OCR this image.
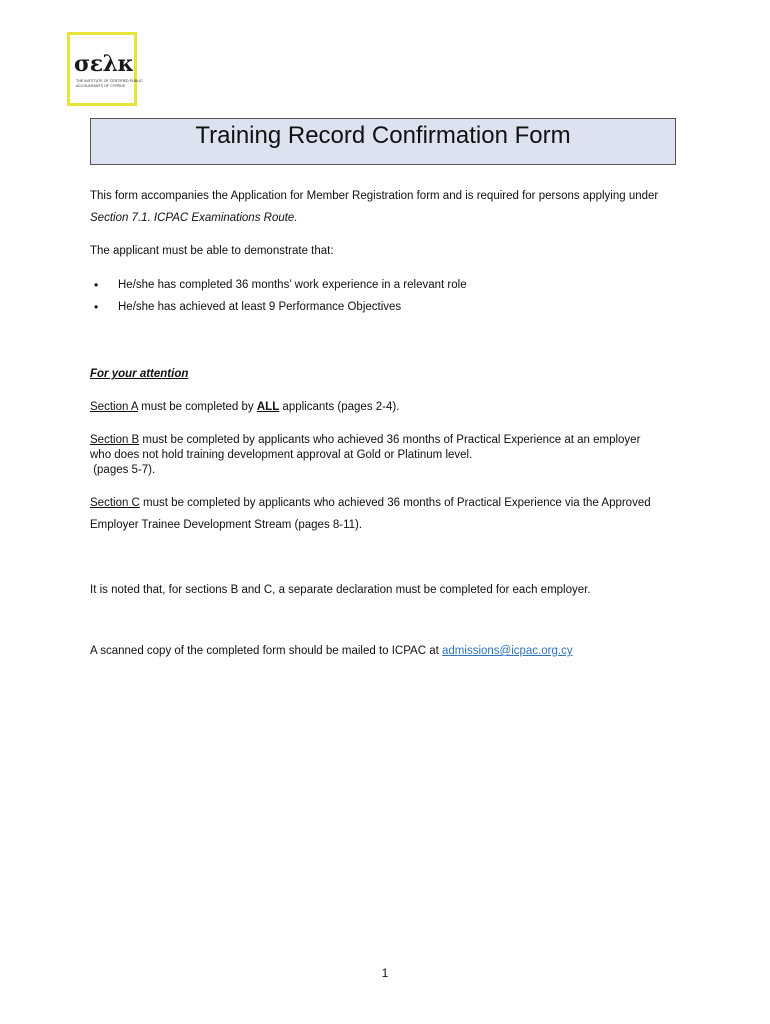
σελκ
THE INSTITUTE OF CERTIFIED PUBLIC
ACCOUNTANTS OF CYPRUS
Training Record Confirmation Form
This form accompanies the Application for Member Registration form and is required for persons applying under
Section 7.1. ICPAC Examinations Route.
The applicant must be able to demonstrate that:
• He/she has completed 36 months’ work experience in a relevant role
• He/she has achieved at least 9 Performance Objectives
For your attention
Section A must be completed by ALL applicants (pages 2-4).
Section B must be completed by applicants who achieved 36 months of Practical Experience at an employer
who does not hold training development approval at Gold or Platinum level.
(pages 5-7).
Section C must be completed by applicants who achieved 36 months of Practical Experience via the Approved
Employer Trainee Development Stream (pages 8-11).
It is noted that, for sections B and C, a separate declaration must be completed for each employer.
A scanned copy of the completed form should be mailed to ICPAC at admissions@icpac.org.cy
1
